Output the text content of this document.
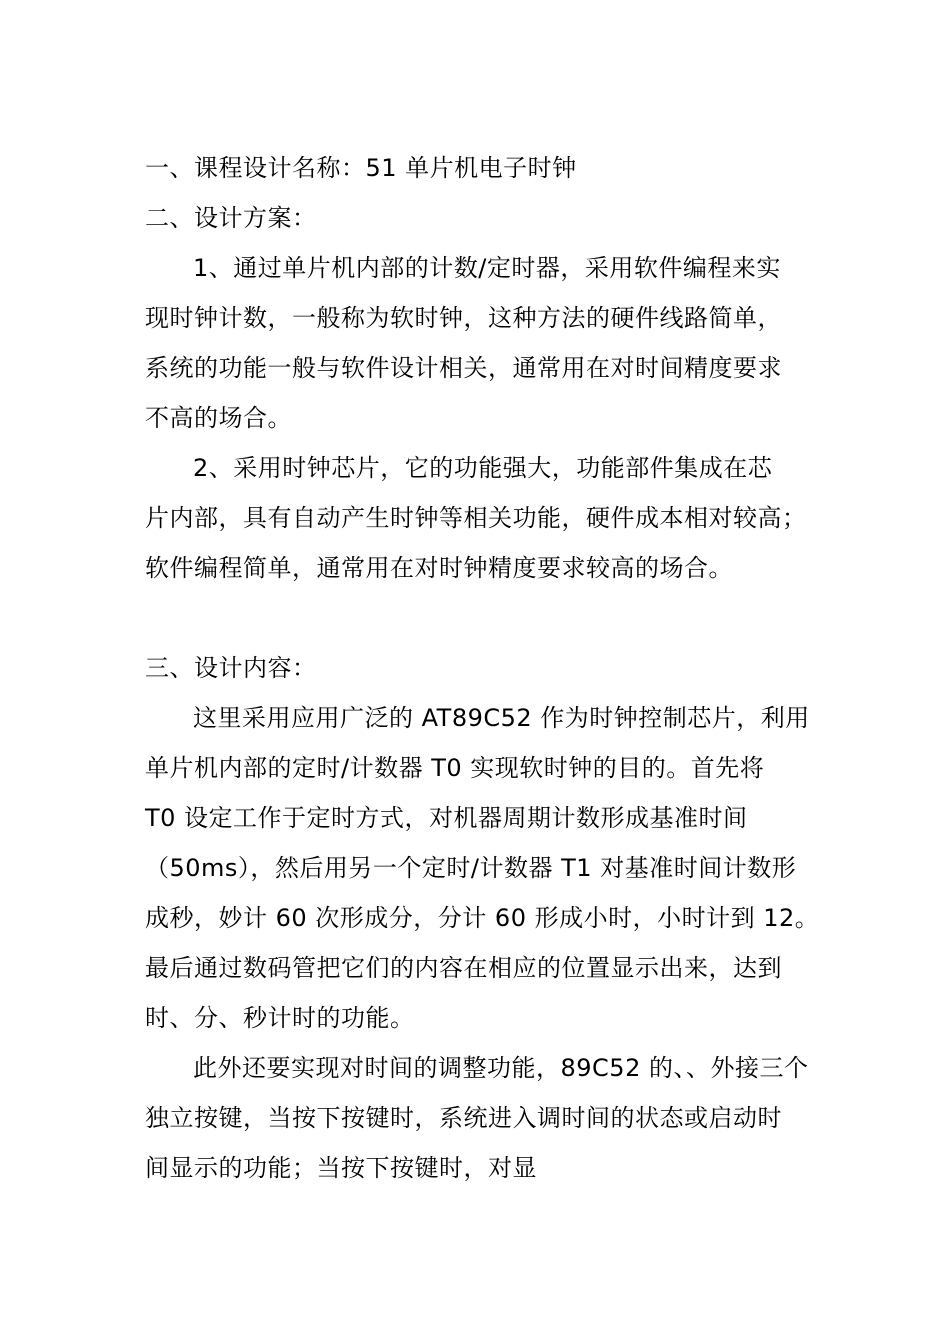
一、课程设计名称：51 单片机电子时钟
二、设计方案：
1、通过单片机内部的计数/定时器，采用软件编程来实
现时钟计数，一般称为软时钟，这种方法的硬件线路简单，
系统的功能一般与软件设计相关，通常用在对时间精度要求
不高的场合。
2、采用时钟芯片，它的功能强大，功能部件集成在芯
片内部，具有自动产生时钟等相关功能，硬件成本相对较高；
软件编程简单，通常用在对时钟精度要求较高的场合。
三、设计内容：
这里采用应用广泛的 AT89C52 作为时钟控制芯片，利用
单片机内部的定时/计数器 T0 实现软时钟的目的。首先将
T0 设定工作于定时方式，对机器周期计数形成基准时间
（50ms），然后用另一个定时/计数器 T1 对基准时间计数形
成秒，妙计 60 次形成分，分计 60 形成小时，小时计到 12。
最后通过数码管把它们的内容在相应的位置显示出来，达到
时、分、秒计时的功能。
此外还要实现对时间的调整功能，89C52 的、、外接三个
独立按键，当按下按键时，系统进入调时间的状态或启动时
间显示的功能；当按下按键时，对显
